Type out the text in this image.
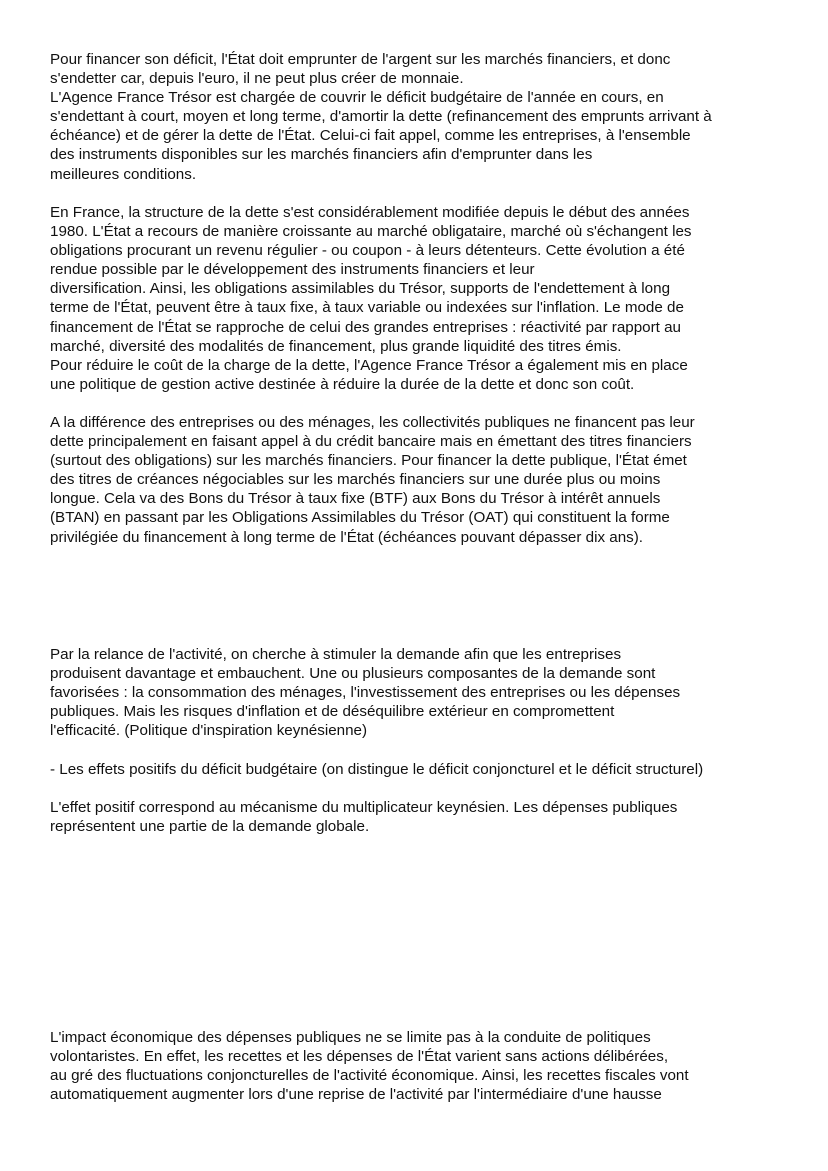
Pour financer son déficit, l'État doit emprunter de l'argent sur les marchés financiers, et donc
s'endetter car, depuis l'euro, il ne peut plus créer de monnaie.
L'Agence France Trésor est chargée de couvrir le déficit budgétaire de l'année en cours, en
s'endettant à court, moyen et long terme, d'amortir la dette (refinancement des emprunts arrivant à
échéance) et de gérer la dette de l'État. Celui-ci fait appel, comme les entreprises, à l'ensemble
des instruments disponibles sur les marchés financiers afin d'emprunter dans les
meilleures conditions.

En France, la structure de la dette s'est considérablement modifiée depuis le début des années
1980. L'État a recours de manière croissante au marché obligataire, marché où s'échangent les
obligations procurant un revenu régulier - ou coupon - à leurs détenteurs. Cette évolution a été
rendue possible par le développement des instruments financiers et leur
diversification. Ainsi, les obligations assimilables du Trésor, supports de l'endettement à long
terme de l'État, peuvent être à taux fixe, à taux variable ou indexées sur l'inflation. Le mode de
financement de l'État se rapproche de celui des grandes entreprises : réactivité par rapport au
marché, diversité des modalités de financement, plus grande liquidité des titres émis.
Pour réduire le coût de la charge de la dette, l'Agence France Trésor a également mis en place
une politique de gestion active destinée à réduire la durée de la dette et donc son coût.

A la différence des entreprises ou des ménages, les collectivités publiques ne financent pas leur
dette principalement en faisant appel à du crédit bancaire mais en émettant des titres financiers
(surtout des obligations) sur les marchés financiers. Pour financer la dette publique, l'État émet
des titres de créances négociables sur les marchés financiers sur une durée plus ou moins
longue. Cela va des Bons du Trésor à taux fixe (BTF) aux Bons du Trésor à intérêt annuels
(BTAN) en passant par les Obligations Assimilables du Trésor (OAT) qui constituent la forme
privilégiée du financement à long terme de l'État (échéances pouvant dépasser dix ans).

Par la relance de l'activité, on cherche à stimuler la demande afin que les entreprises
produisent davantage et embauchent. Une ou plusieurs composantes de la demande sont
favorisées : la consommation des ménages, l'investissement des entreprises ou les dépenses
publiques. Mais les risques d'inflation et de déséquilibre extérieur en compromettent
l'efficacité. (Politique d'inspiration keynésienne)

- Les effets positifs du déficit budgétaire (on distingue le déficit conjoncturel et le déficit structurel)

L'effet positif correspond au mécanisme du multiplicateur keynésien. Les dépenses publiques
représentent une partie de la demande globale.

L'impact économique des dépenses publiques ne se limite pas à la conduite de politiques
volontaristes. En effet, les recettes et les dépenses de l'État varient sans actions délibérées,
au gré des fluctuations conjoncturelles de l'activité économique. Ainsi, les recettes fiscales vont
automatiquement augmenter lors d'une reprise de l'activité par l'intermédiaire d'une hausse
